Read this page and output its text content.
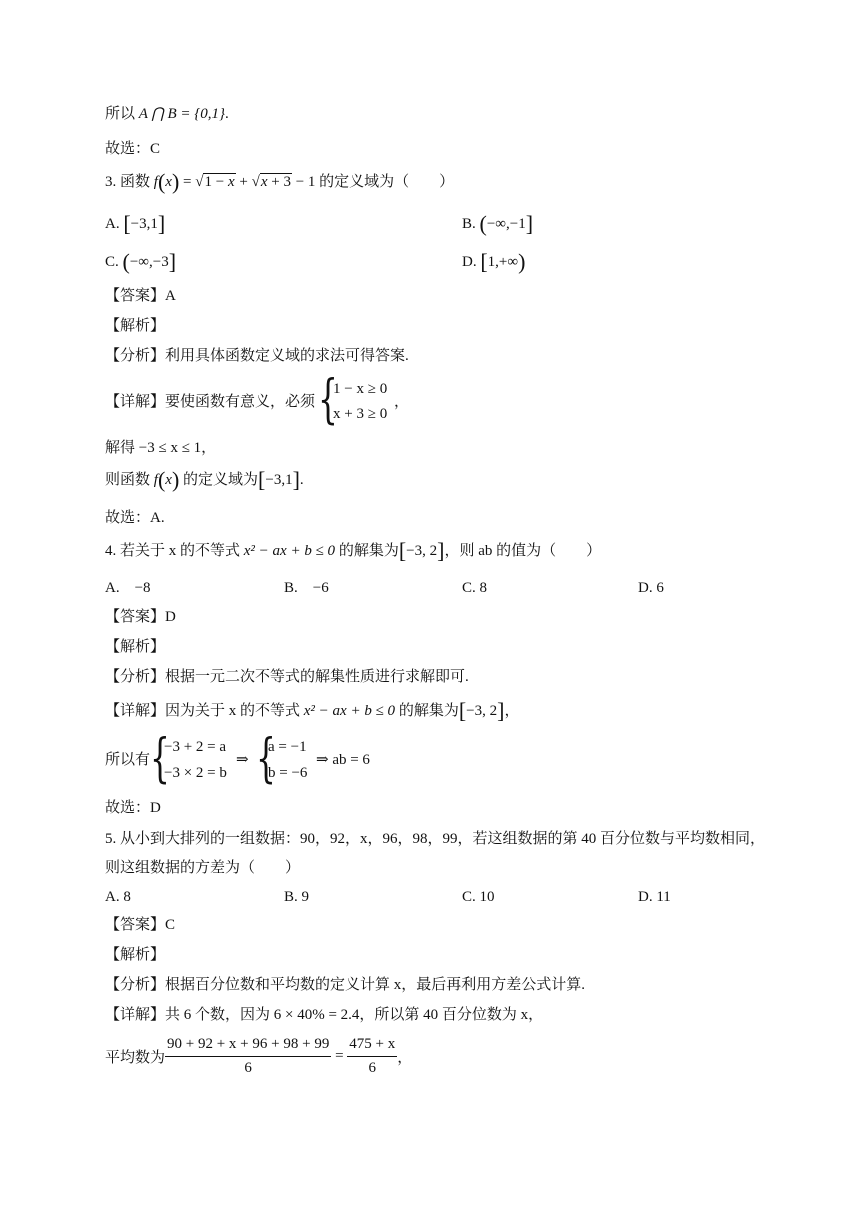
所以 A ⋂ B = {0,1}.
故选：C
3. 函数 f(x) = √1 − x + √x + 3 − 1 的定义域为（　　）
A. [−3,1]	B. (−∞,−1]
C. (−∞,−3]	D. [1,+∞)
【答案】A
【解析】
【分析】利用具体函数定义域的求法可得答案.
【详解】要使函数有意义，必须 {
1 − x ≥ 0
x + 3 ≥ 0
，
解得 −3 ≤ x ≤ 1，
则函数 f(x) 的定义域为[−3,1].
故选：A.
4. 若关于 x 的不等式 x² − ax + b ≤ 0 的解集为[−3, 2]，则 ab 的值为（　　）
A.　−8	B.　−6	C. 8	D. 6
【答案】D
【解析】
【分析】根据一元二次不等式的解集性质进行求解即可.
【详解】因为关于 x 的不等式 x² − ax + b ≤ 0 的解集为[−3, 2]，
所以有 {
−3 + 2 = a
−3 × 2 = b
⇒ {
a = −1
b = −6
⇒ ab = 6
故选：D
5. 从小到大排列的一组数据：90，92，x，96，98，99，若这组数据的第 40 百分位数与平均数相同，
则这组数据的方差为（　　）
A. 8	B. 9	C. 10	D. 11
【答案】C
【解析】
【分析】根据百分位数和平均数的定义计算 x，最后再利用方差公式计算.
【详解】共 6 个数，因为 6 × 40% = 2.4，所以第 40 百分位数为 x，
平均数为 $\frac{90 + 92 + x + 96 + 98 + 99}{6} = \frac{475 + x}{6}$ ，
